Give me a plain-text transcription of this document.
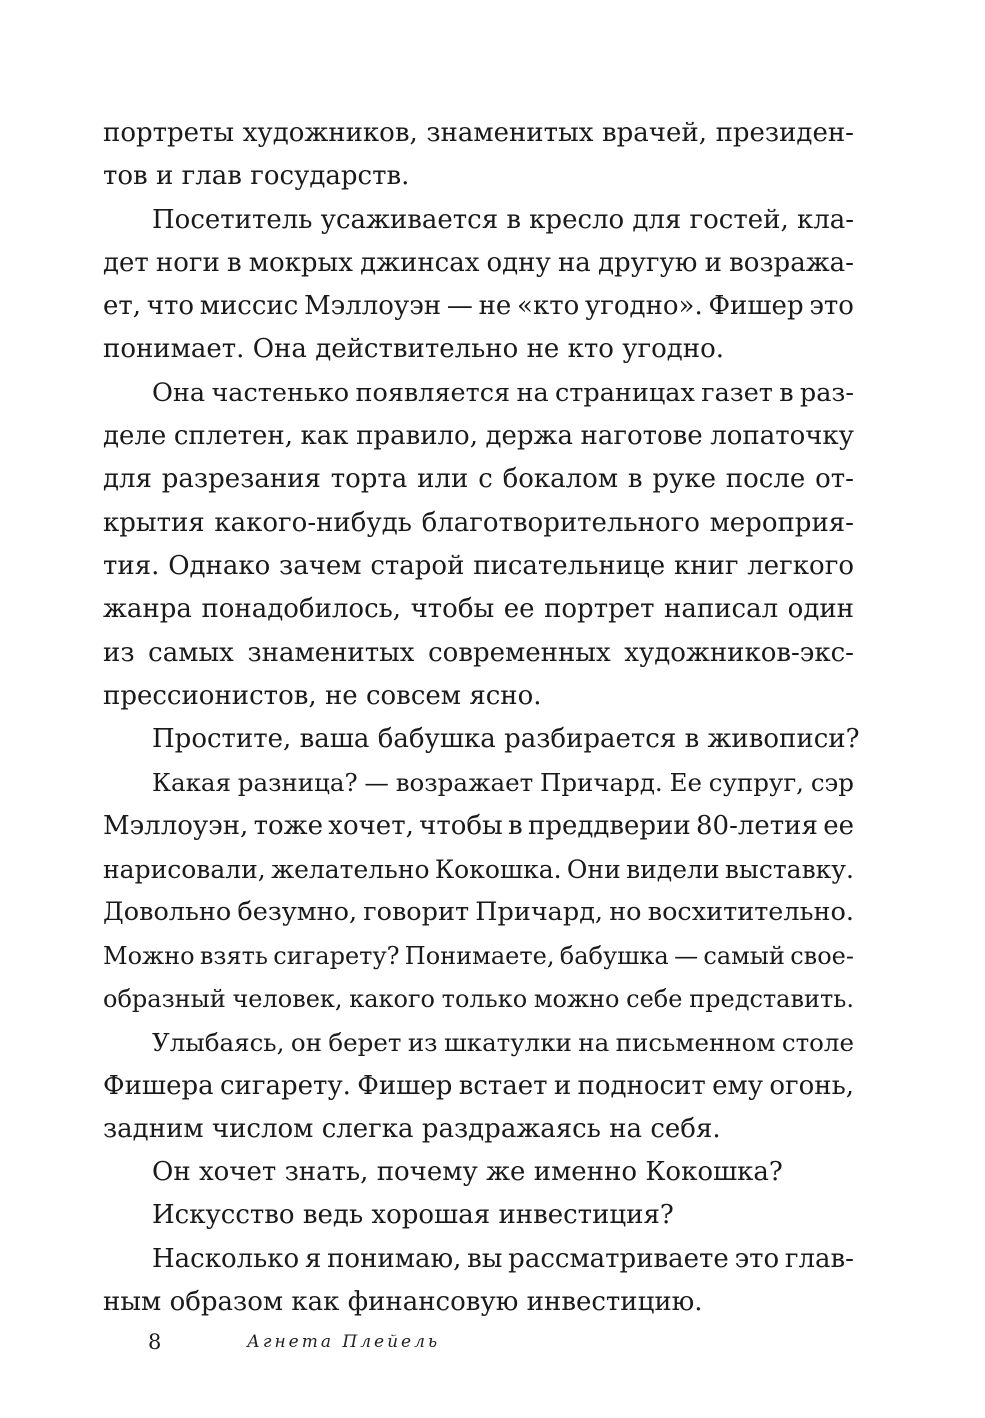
портреты художников, знаменитых врачей, президен-
тов и глав государств.
Посетитель усаживается в кресло для гостей, кла-
дет ноги в мокрых джинсах одну на другую и возража-
ет, что миссис Мэллоуэн — не «кто угодно». Фишер это
понимает. Она действительно не кто угодно.
Она частенько появляется на страницах газет в раз-
деле сплетен, как правило, держа наготове лопаточку
для разрезания торта или с бокалом в руке после от-
крытия какого-нибудь благотворительного мероприя-
тия. Однако зачем старой писательнице книг легкого
жанра понадобилось, чтобы ее портрет написал один
из самых знаменитых современных художников-экс-
прессионистов, не совсем ясно.
Простите, ваша бабушка разбирается в живописи?
Какая разница? — возражает Причард. Ее супруг, сэр
Мэллоуэн, тоже хочет, чтобы в преддверии 80-летия ее
нарисовали, желательно Кокошка. Они видели выставку.
Довольно безумно, говорит Причард, но восхитительно.
Можно взять сигарету? Понимаете, бабушка — самый свое-
образный человек, какого только можно себе представить.
Улыбаясь, он берет из шкатулки на письменном столе
Фишера сигарету. Фишер встает и подносит ему огонь,
задним числом слегка раздражаясь на себя.
Он хочет знать, почему же именно Кокошка?
Искусство ведь хорошая инвестиция?
Насколько я понимаю, вы рассматриваете это глав-
ным образом как финансовую инвестицию.
8	Агнета Плейель
